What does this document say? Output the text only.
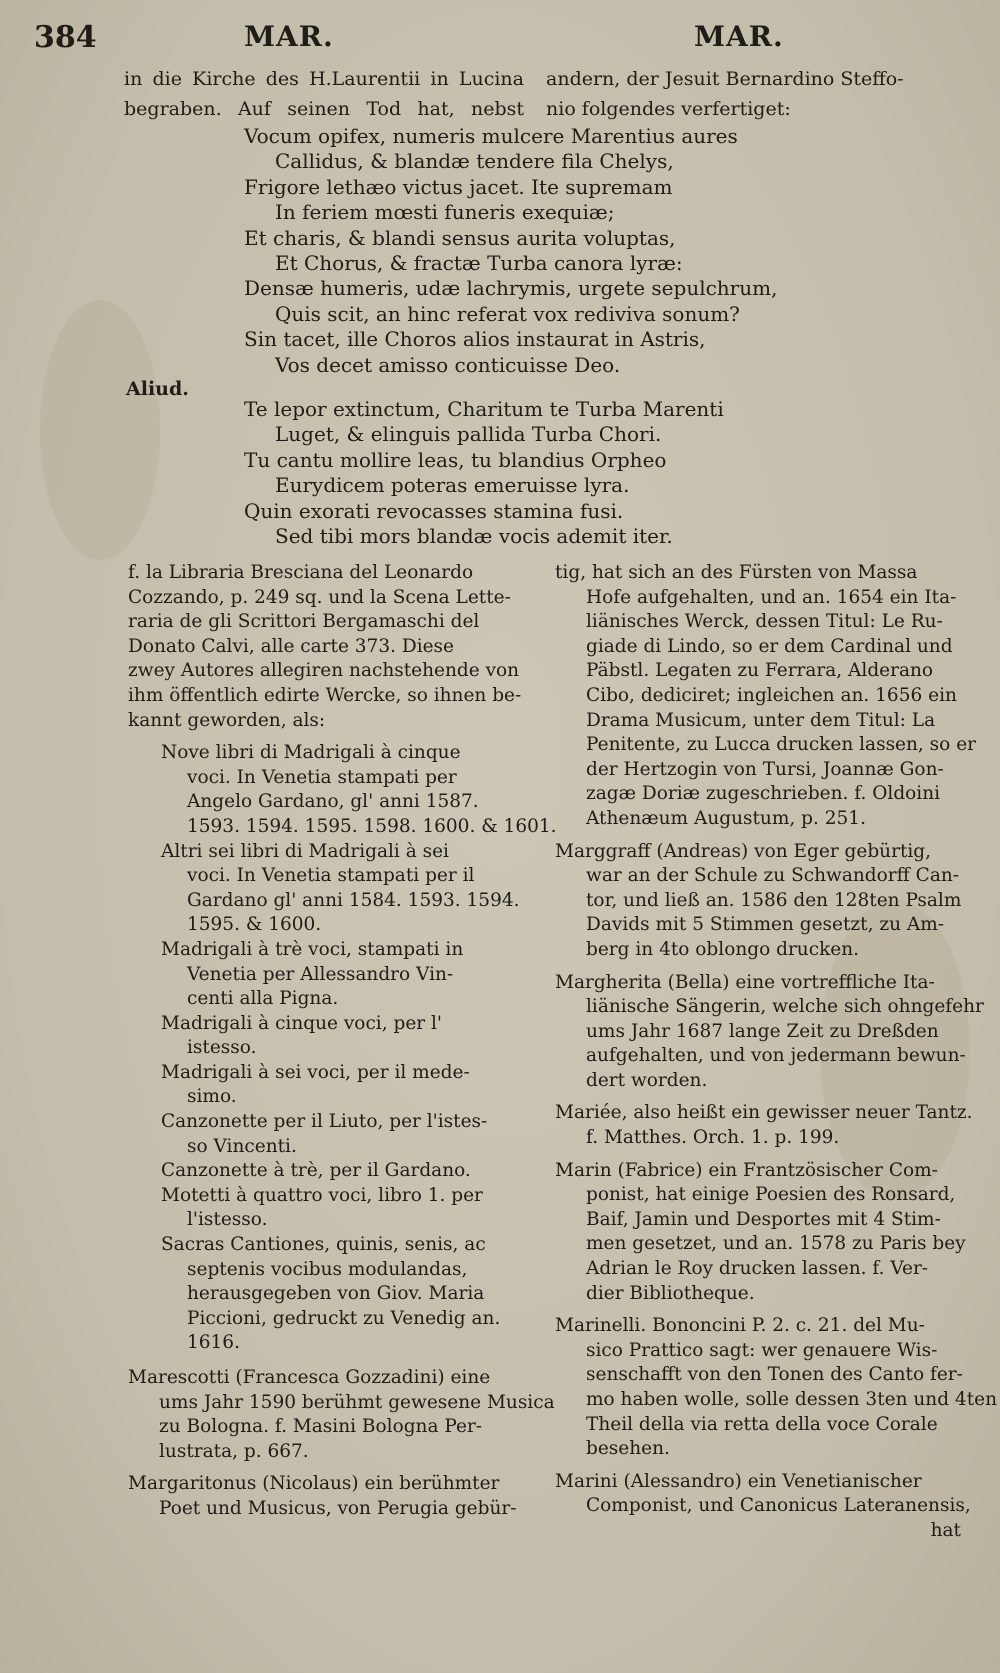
384	MAR.	MAR.
in die Kirche des H.Laurentii in Lucina
begraben. Auf seinen Tod hat, nebst
andern, der Jesuit Bernardino Steffo-
nio folgendes verfertiget:
Vocum opifex, numeris mulcere Marentius aures
Callidus, & blandæ tendere fila Chelys,
Frigore lethæo victus jacet. Ite supremam
In feriem mœsti funeris exequiæ;
Et charis, & blandi sensus aurita voluptas,
Et Chorus, & fractæ Turba canora lyræ:
Densæ humeris, udæ lachrymis, urgete sepulchrum,
Quis scit, an hinc referat vox rediviva sonum?
Sin tacet, ille Choros alios instaurat in Astris,
Vos decet amisso conticuisse Deo.
Aliud.
Te lepor extinctum, Charitum te Turba Marenti
Luget, & elinguis pallida Turba Chori.
Tu cantu mollire leas, tu blandius Orpheo
Eurydicem poteras emeruisse lyra.
Quin exorati revocasses stamina fusi.
Sed tibi mors blandæ vocis ademit iter.
f. la Libraria Bresciana del Leonardo
Cozzando, p. 249 sq. und la Scena Lette-
raria de gli Scrittori Bergamaschi del
Donato Calvi, alle carte 373. Diese
zwey Autores allegiren nachstehende von
ihm öffentlich edirte Wercke, so ihnen be-
kannt geworden, als:
Nove libri di Madrigali à cinque
voci. In Venetia stampati per
Angelo Gardano, gl' anni 1587.
1593. 1594. 1595. 1598. 1600. & 1601.
Altri sei libri di Madrigali à sei
voci. In Venetia stampati per il
Gardano gl' anni 1584. 1593. 1594.
1595. & 1600.
Madrigali à trè voci, stampati in
Venetia per Allessandro Vin-
centi alla Pigna.
Madrigali à cinque voci, per l'
istesso.
Madrigali à sei voci, per il mede-
simo.
Canzonette per il Liuto, per l'istes-
so Vincenti.
Canzonette à trè, per il Gardano.
Motetti à quattro voci, libro 1. per
l'istesso.
Sacras Cantiones, quinis, senis, ac
septenis vocibus modulandas,
herausgegeben von Giov. Maria
Piccioni, gedruckt zu Venedig an.
1616.
Marescotti (Francesca Gozzadini) eine
ums Jahr 1590 berühmt gewesene Musica
zu Bologna. f. Masini Bologna Per-
lustrata, p. 667.
Margaritonus (Nicolaus) ein berühmter
Poet und Musicus, von Perugia gebür-
tig, hat sich an des Fürsten von Massa
Hofe aufgehalten, und an. 1654 ein Ita-
liänisches Werck, dessen Titul: Le Ru-
giade di Lindo, so er dem Cardinal und
Päbstl. Legaten zu Ferrara, Alderano
Cibo, dediciret; ingleichen an. 1656 ein
Drama Musicum, unter dem Titul: La
Penitente, zu Lucca drucken lassen, so er
der Hertzogin von Tursi, Joannæ Gon-
zagæ Doriæ zugeschrieben. f. Oldoini
Athenæum Augustum, p. 251.
Marggraff (Andreas) von Eger gebürtig,
war an der Schule zu Schwandorff Can-
tor, und ließ an. 1586 den 128ten Psalm
Davids mit 5 Stimmen gesetzt, zu Am-
berg in 4to oblongo drucken.
Margherita (Bella) eine vortreffliche Ita-
liänische Sängerin, welche sich ohngefehr
ums Jahr 1687 lange Zeit zu Dreßden
aufgehalten, und von jedermann bewun-
dert worden.
Mariée, also heißt ein gewisser neuer Tantz.
f. Matthes. Orch. 1. p. 199.
Marin (Fabrice) ein Frantzösischer Com-
ponist, hat einige Poesien des Ronsard,
Baif, Jamin und Desportes mit 4 Stim-
men gesetzet, und an. 1578 zu Paris bey
Adrian le Roy drucken lassen. f. Ver-
dier Bibliotheque.
Marinelli. Bononcini P. 2. c. 21. del Mu-
sico Prattico sagt: wer genauere Wis-
senschafft von den Tonen des Canto fer-
mo haben wolle, solle dessen 3ten und 4ten
Theil della via retta della voce Corale
besehen.
Marini (Alessandro) ein Venetianischer
Componist, und Canonicus Lateranensis,
hat
